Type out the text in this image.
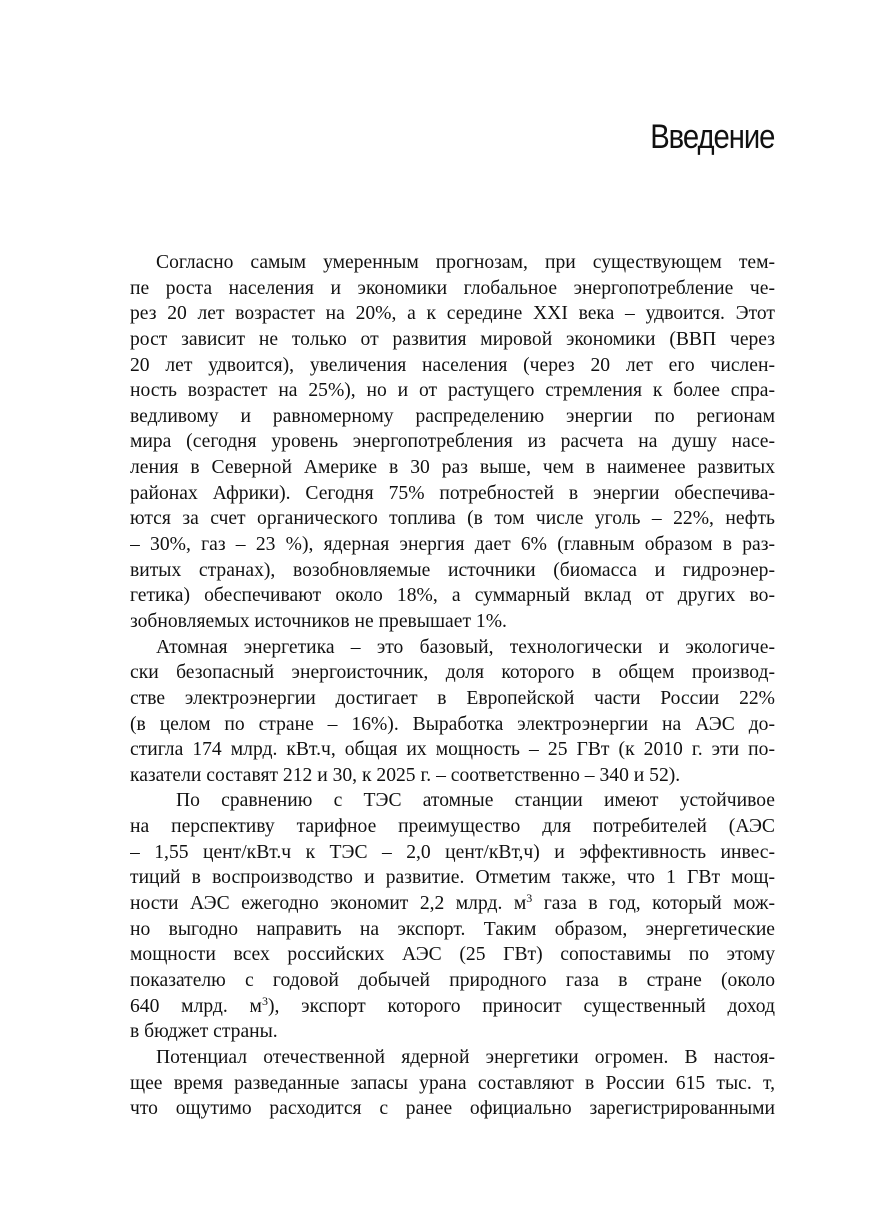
Введение
Согласно самым умеренным прогнозам, при существующем тем-
пе роста населения и экономики глобальное энергопотребление че-
рез 20 лет возрастет на 20%, а к середине XXI века – удвоится. Этот
рост зависит не только от развития мировой экономики (ВВП через
20 лет удвоится), увеличения населения (через 20 лет его числен-
ность возрастет на 25%), но и от растущего стремления к более спра-
ведливому и равномерному распределению энергии по регионам
мира (сегодня уровень энергопотребления из расчета на душу насе-
ления в Северной Америке в 30 раз выше, чем в наименее развитых
районах Африки). Сегодня 75% потребностей в энергии обеспечива-
ются за счет органического топлива (в том числе уголь – 22%, нефть
– 30%, газ – 23 %), ядерная энергия дает 6% (главным образом в раз-
витых странах), возобновляемые источники (биомасса и гидроэнер-
гетика) обеспечивают около 18%, а суммарный вклад от других во-
зобновляемых источников не превышает 1%.
Атомная энергетика – это базовый, технологически и экологиче-
ски безопасный энергоисточник, доля которого в общем производ-
стве электроэнергии достигает в Европейской части России 22%
(в целом по стране – 16%). Выработка электроэнергии на АЭС до-
стигла 174 млрд. кВт.ч, общая их мощность – 25 ГВт (к 2010 г. эти по-
казатели составят 212 и 30, к 2025 г. – соответственно – 340 и 52).
По сравнению с ТЭС атомные станции имеют устойчивое
на перспективу тарифное преимущество для потребителей (АЭС
– 1,55 цент/кВт.ч к ТЭС – 2,0 цент/кВт,ч) и эффективность инвес-
тиций в воспроизводство и развитие. Отметим также, что 1 ГВт мощ-
ности АЭС ежегодно экономит 2,2 млрд. $м^3$ газа в год, который мож-
но выгодно направить на экспорт. Таким образом, энергетические
мощности всех российских АЭС (25 ГВт) сопоставимы по этому
показателю с годовой добычей природного газа в стране (около
640 млрд. $м^3$), экспорт которого приносит существенный доход
в бюджет страны.
Потенциал отечественной ядерной энергетики огромен. В настоя-
щее время разведанные запасы урана составляют в России 615 тыс. т,
что ощутимо расходится с ранее официально зарегистрированными
